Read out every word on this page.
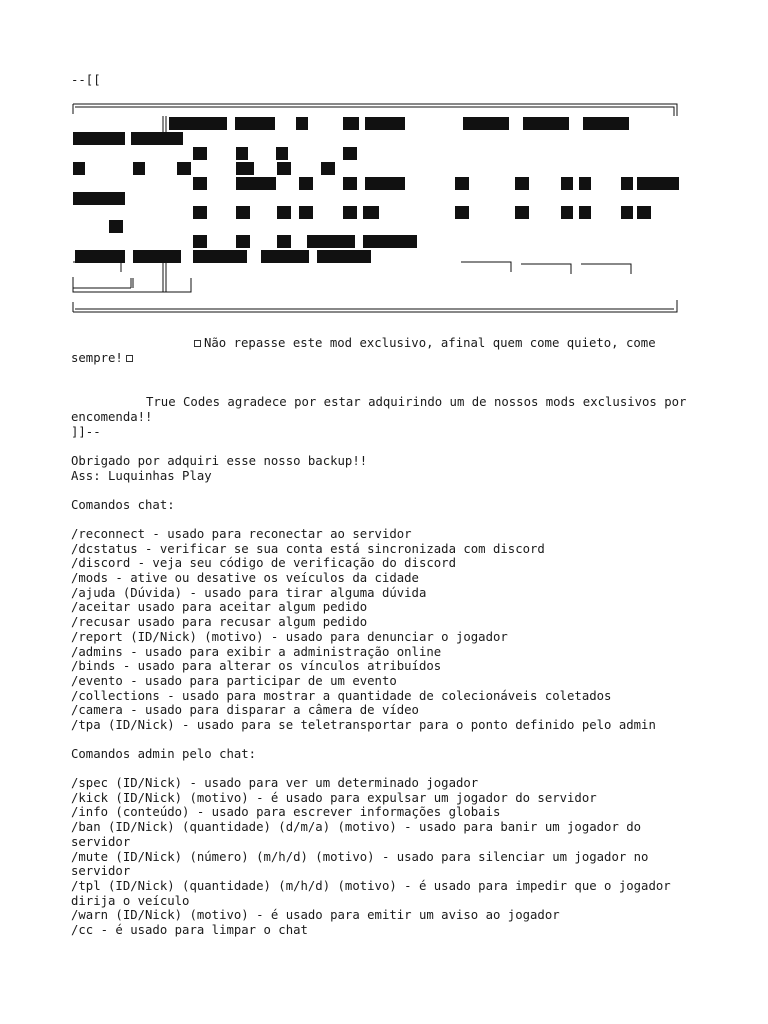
--[[
Não repasse este mod exclusivo, afinal quem come quieto, come sempre!
True Codes agradece por estar adquirindo um de nossos mods exclusivos por encomenda!!
]]--
Obrigado por adquiri esse nosso backup!!
Ass: Luquinhas Play
Comandos chat:
/reconnect - usado para reconectar ao servidor
/dcstatus - verificar se sua conta está sincronizada com discord
/discord - veja seu código de verificação do discord
/mods - ative ou desative os veículos da cidade
/ajuda (Dúvida) - usado para tirar alguma dúvida
/aceitar usado para aceitar algum pedido
/recusar usado para recusar algum pedido
/report (ID/Nick) (motivo) - usado para denunciar o jogador
/admins - usado para exibir a administração online
/binds - usado para alterar os vínculos atribuídos
/evento - usado para participar de um evento
/collections - usado para mostrar a quantidade de colecionáveis coletados
/camera - usado para disparar a câmera de vídeo
/tpa (ID/Nick) - usado para se teletransportar para o ponto definido pelo admin
Comandos admin pelo chat:
/spec (ID/Nick) - usado para ver um determinado jogador
/kick (ID/Nick) (motivo) - é usado para expulsar um jogador do servidor
/info (conteúdo) - usado para escrever informações globais
/ban (ID/Nick) (quantidade) (d/m/a) (motivo) - usado para banir um jogador do servidor
/mute (ID/Nick) (número) (m/h/d) (motivo) - usado para silenciar um jogador no servidor
/tpl (ID/Nick) (quantidade) (m/h/d) (motivo) - é usado para impedir que o jogador dirija o veículo
/warn (ID/Nick) (motivo) - é usado para emitir um aviso ao jogador
/cc - é usado para limpar o chat
